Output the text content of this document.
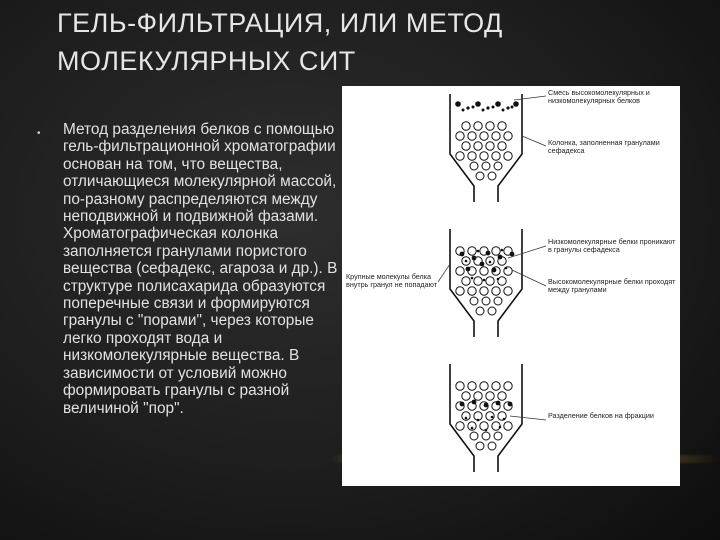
ГЕЛЬ-ФИЛЬТРАЦИЯ, ИЛИ МЕТОД
МОЛЕКУЛЯРНЫХ СИТ
• Метод разделения белков с помощью гель-фильтрационной хроматографии основан на том, что вещества, отличающиеся молекулярной массой, по-разному распределяются между неподвижной и подвижной фазами. Хроматографическая колонка заполняется гранулами пористого вещества (сефадекс, агароза и др.). В структуре полисахарида образуются поперечные связи и формируются гранулы с "порами", через которые легко проходят вода и низкомолекулярные вещества. В зависимости от условий можно формировать гранулы с разной величиной "пор".
Смесь высокомолекулярных и низкомолекулярных белков
Колонка, заполненная гранулами сефадекса
Низкомолекулярные белки проникают в гранулы сефадекса
Крупные молекулы белка внутрь гранул не попадают	Высокомолекулярные белки проходят между гранулами
Разделение белков на фракции
